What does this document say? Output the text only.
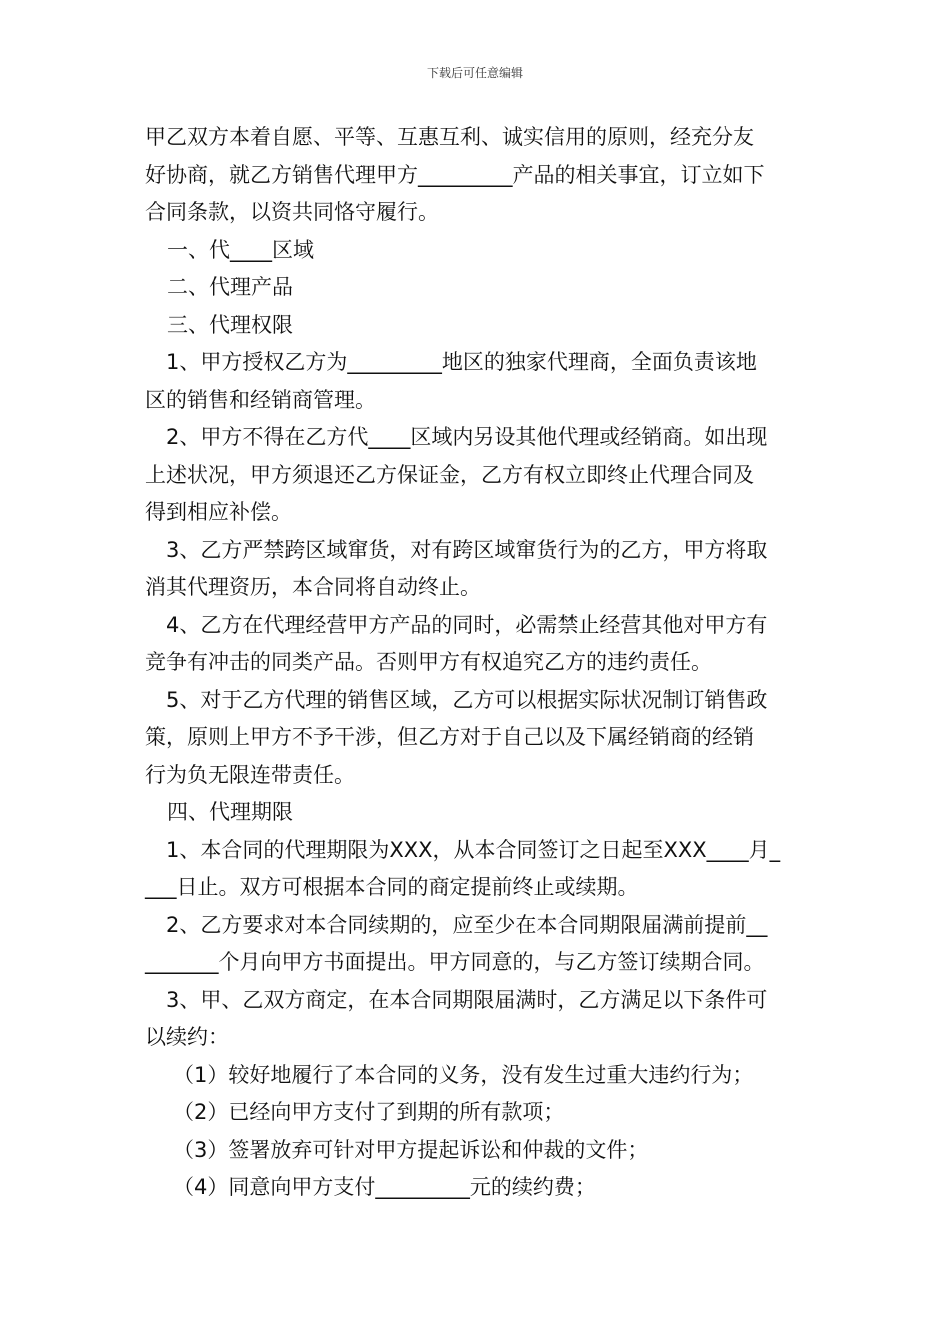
下载后可任意编辑
甲乙双方本着自愿、平等、互惠互利、诚实信用的原则，经充分友
好协商，就乙方销售代理甲方_________产品的相关事宜，订立如下
合同条款，以资共同恪守履行。
一、代____区域
二、代理产品
三、代理权限
1、甲方授权乙方为_________地区的独家代理商，全面负责该地
区的销售和经销商管理。
2、甲方不得在乙方代____区域内另设其他代理或经销商。如出现
上述状况，甲方须退还乙方保证金，乙方有权立即终止代理合同及
得到相应补偿。
3、乙方严禁跨区域窜货，对有跨区域窜货行为的乙方，甲方将取
消其代理资历，本合同将自动终止。
4、乙方在代理经营甲方产品的同时，必需禁止经营其他对甲方有
竞争有冲击的同类产品。否则甲方有权追究乙方的违约责任。
5、对于乙方代理的销售区域，乙方可以根据实际状况制订销售政
策，原则上甲方不予干涉，但乙方对于自己以及下属经销商的经销
行为负无限连带责任。
四、代理期限
1、本合同的代理期限为XXX，从本合同签订之日起至XXX____月_
___日止。双方可根据本合同的商定提前终止或续期。
2、乙方要求对本合同续期的，应至少在本合同期限届满前提前__
_______个月向甲方书面提出。甲方同意的，与乙方签订续期合同。
3、甲、乙双方商定，在本合同期限届满时，乙方满足以下条件可
以续约：
（1）较好地履行了本合同的义务，没有发生过重大违约行为；
（2）已经向甲方支付了到期的所有款项；
（3）签署放弃可针对甲方提起诉讼和仲裁的文件；
（4）同意向甲方支付_________元的续约费；
